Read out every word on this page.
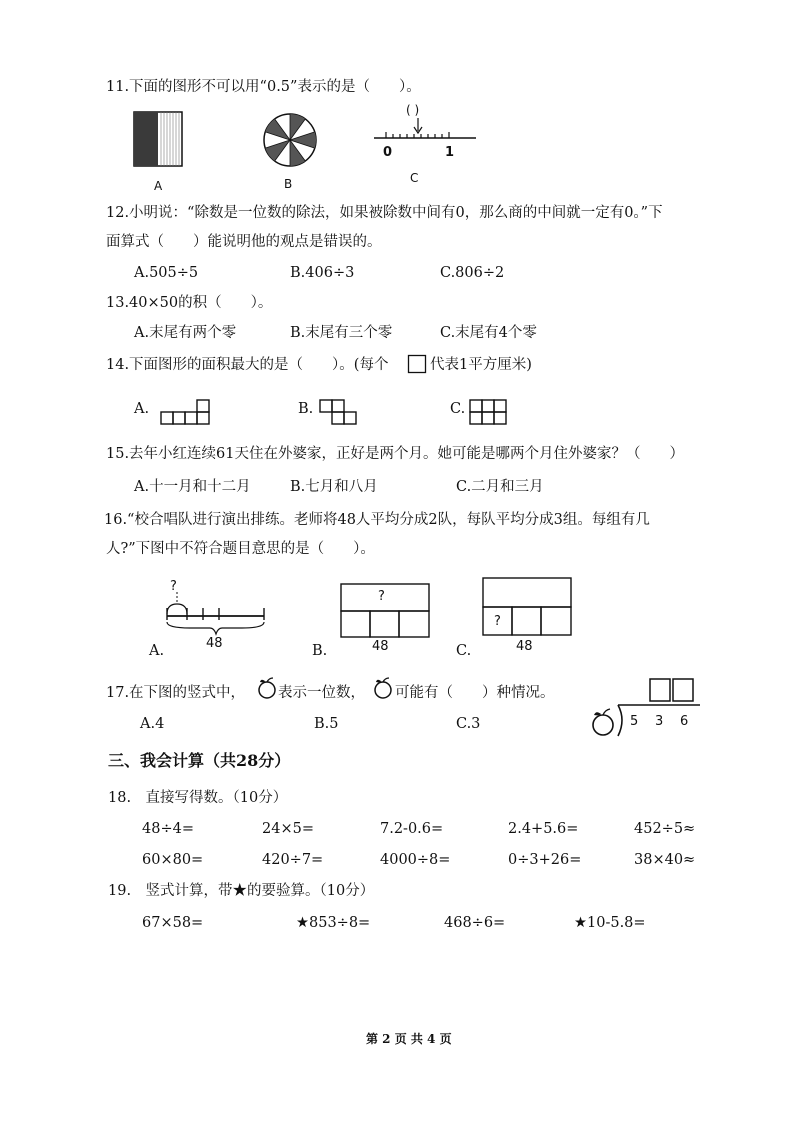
11.下面的图形不可以用“0.5”表示的是（　　）。
A	B
( )
0	1
C
12.小明说：“除数是一位数的除法，如果被除数中间有0，那么商的中间就一定有0。”下
面算式（　　）能说明他的观点是错误的。
A.505÷5	B.406÷3	C.806÷2
13.40×50的积（　　）。
A.末尾有两个零	B.末尾有三个零	C.末尾有4个零
14.下面图形的面积最大的是（　　）。(每个	代表1平方厘米)
A.	B.	C.
15.去年小红连续61天住在外婆家，正好是两个月。她可能是哪两个月住外婆家？（　　）
A.十一月和十二月	B.七月和八月	C.二月和三月
16.“校合唱队进行演出排练。老师将48人平均分成2队，每队平均分成3组。每组有几
人?”下图中不符合题目意思的是（　　）。
?
48
A.
?
48
B.
?
48
C.
17.在下图的竖式中， 表示一位数， 可能有（　　）种情况。
A.4	B.5	C.3	5 3 6
三、我会计算（共28分）
18.　直接写得数。（10分）
48÷4=	24×5=	7.2-0.6=	2.4+5.6=	452÷5≈
60×80=	420÷7=	4000÷8=	0÷3+26=	38×40≈
19.　竖式计算，带★的要验算。（10分）
67×58=	★853÷8=	468÷6=	★10-5.8=
第 2 页 共 4 页
